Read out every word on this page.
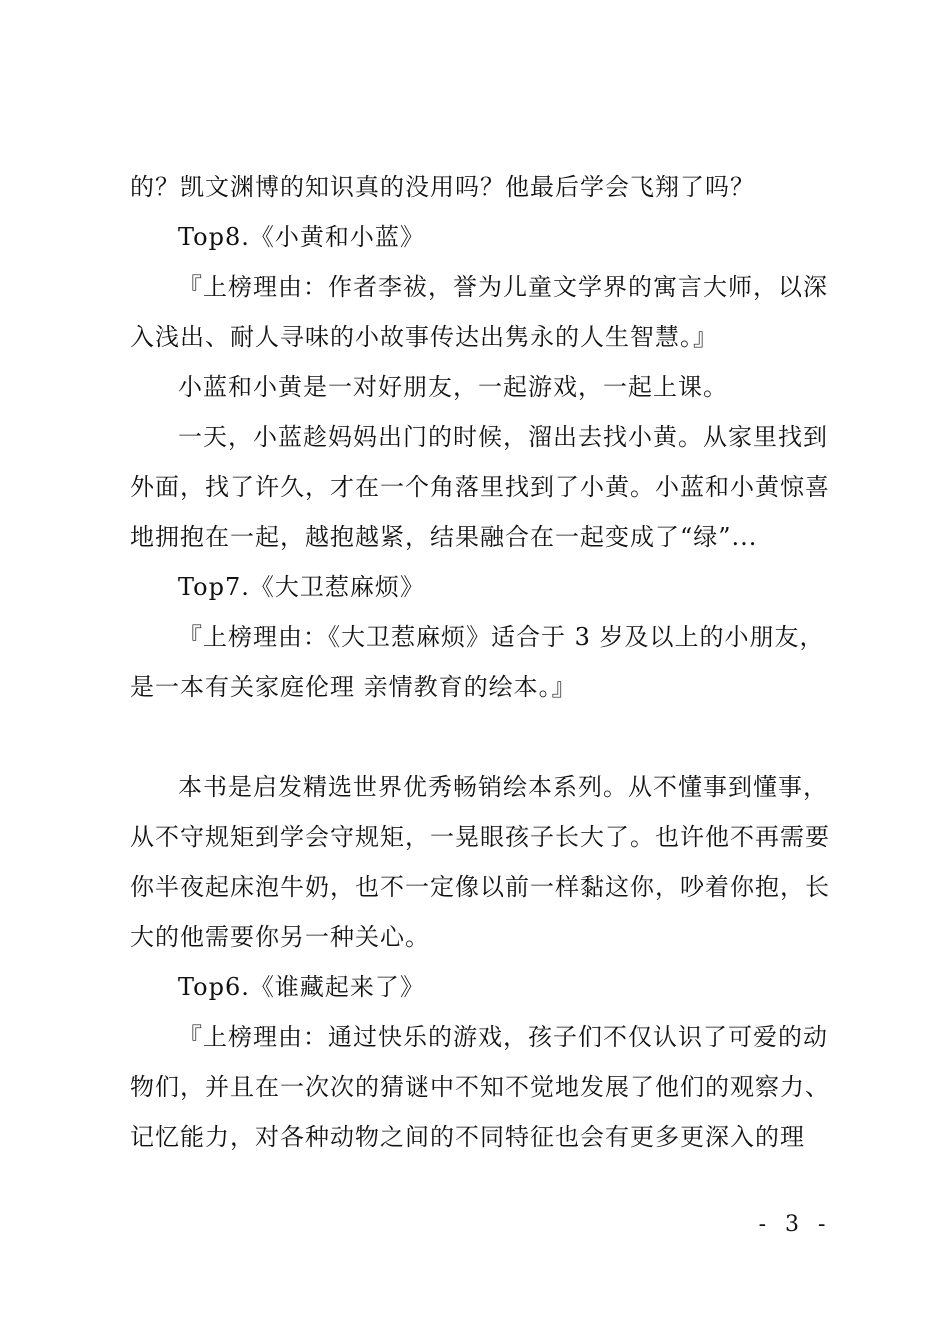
的？凯文渊博的知识真的没用吗？他最后学会飞翔了吗？
Top8.《小黄和小蓝》
『上榜理由：作者李祓，誉为儿童文学界的寓言大师，以深
入浅出、耐人寻味的小故事传达出隽永的人生智慧。』
小蓝和小黄是一对好朋友，一起游戏，一起上课。
一天，小蓝趁妈妈出门的时候，溜出去找小黄。从家里找到
外面，找了许久，才在一个角落里找到了小黄。小蓝和小黄惊喜
地拥抱在一起，越抱越紧，结果融合在一起变成了“绿”...
Top7.《大卫惹麻烦》
『上榜理由：《大卫惹麻烦》适合于 3 岁及以上的小朋友，
是一本有关家庭伦理 亲情教育的绘本。』
本书是启发精选世界优秀畅销绘本系列。从不懂事到懂事，
从不守规矩到学会守规矩，一晃眼孩子长大了。也许他不再需要
你半夜起床泡牛奶，也不一定像以前一样黏这你，吵着你抱，长
大的他需要你另一种关心。
Top6.《谁藏起来了》
『上榜理由：通过快乐的游戏，孩子们不仅认识了可爱的动
物们，并且在一次次的猜谜中不知不觉地发展了他们的观察力、
记忆能力，对各种动物之间的不同特征也会有更多更深入的理
- 3 -
